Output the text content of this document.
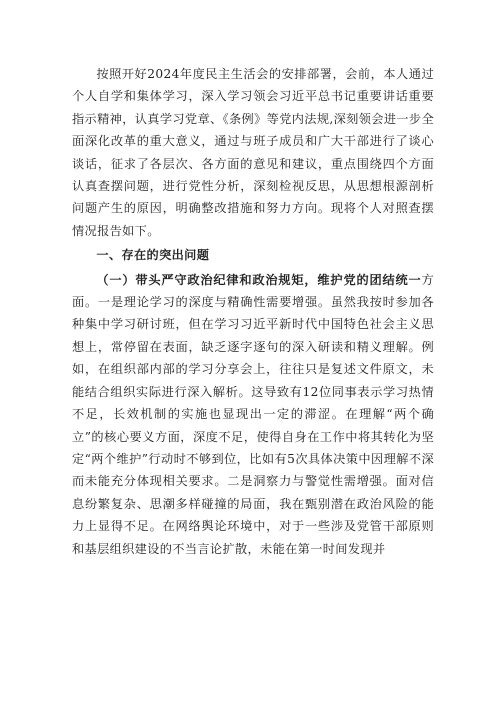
按照开好2024年度民主生活会的安排部署，会前，本人通过个人自学和集体学习，深入学习领会习近平总书记重要讲话重要指示精神，认真学习党章、《条例》等党内法规,深刻领会进一步全面深化改革的重大意义，通过与班子成员和广大干部进行了谈心谈话，征求了各层次、各方面的意见和建议，重点围绕四个方面认真查摆问题，进行党性分析，深刻检视反思，从思想根源剖析问题产生的原因，明确整改措施和努力方向。现将个人对照查摆情况报告如下。

一、存在的突出问题

（一）带头严守政治纪律和政治规矩，维护党的团结统一方面。一是理论学习的深度与精确性需要增强。虽然我按时参加各种集中学习研讨班，但在学习习近平新时代中国特色社会主义思想上，常停留在表面，缺乏逐字逐句的深入研读和精义理解。例如，在组织部内部的学习分享会上，往往只是复述文件原文，未能结合组织实际进行深入解析。这导致有12位同事表示学习热情不足，长效机制的实施也显现出一定的滞涩。在理解“两个确立”的核心要义方面，深度不足，使得自身在工作中将其转化为坚定“两个维护”行动时不够到位，比如有5次具体决策中因理解不深而未能充分体现相关要求。二是洞察力与警觉性需增强。面对信息纷繁复杂、思潮多样碰撞的局面，我在甄别潜在政治风险的能力上显得不足。在网络舆论环境中，对于一些涉及党管干部原则和基层组织建设的不当言论扩散，未能在第一时间发现并
